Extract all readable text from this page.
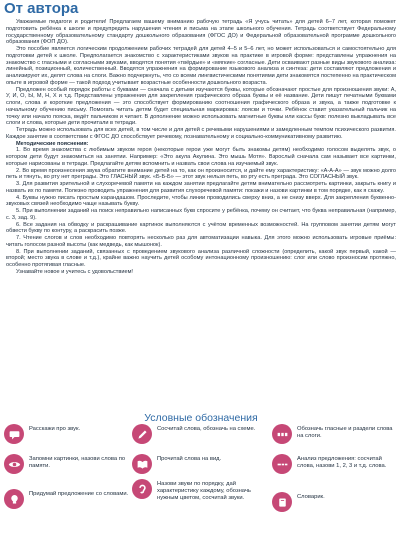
От автора

Уважаемые педагоги и родители! Предлагаем вашему вниманию рабочую тетрадь «Я учусь читать» для детей 6–7 лет, которая поможет подготовить ребёнка к школе и предупредить нарушения чтения и письма на этапе школьного обучения. Тетрадь соответствует Федеральному государственному образовательному стандарту дошкольного образования (ФГОС ДО) и Федеральной образовательной программе дошкольного образования (ФОП ДО).

Это пособие является логическим продолжением рабочих тетрадей для детей 4–5 и 5–6 лет, но может использоваться и самостоятельно для подготовки детей к школе. Предполагается знакомство с характеристиками звуков на практике в игровой форме: представлены упражнения на знакомство с гласными и согласными звуками, вводятся понятия «твёрдые» и «мягкие» согласные. Дети осваивают разные виды звукового анализа: линейный, позиционный, количественный. Вводятся упражнения на формирование языкового анализа и синтеза: дети составляют предложения и анализируют их, делят слова на слоги. Важно подчеркнуть, что со всеми лингвистическими понятиями дети знакомятся постепенно на практическом опыте в игровой форме — такой подход учитывает возрастные особенности дошкольного возраста.

Предложен особый порядок работы с буквами — сначала с детьми изучаются буквы, которые обозначают простые для произношения звуки: А, У, И, О, Ы, М, Н, Х и т.д. Представлены упражнения для закрепления графического образа буквы и её название. Дети пишут печатными буквами слоги, слова и короткие предложения — это способствует формированию соотношения графического образа и звука, а также подготовке к начальному обучению письму. Помогать читать детям будет специальная маркировка: лояски и точки. Ребёнок ставит указательный пальчик на точку или начало пояска, ведёт пальчиком и читает. В дополнение можно использовать магнитные буквы или кассы букв: полезно выкладывать все слоги и слова, которые дети прочитали в тетради.

Тетрадь можно использовать для всех детей, в том числе и для детей с речевыми нарушениями и замедленным темпом психического развития. Каждое занятие в соответствии с ФГОС ДО способствует речевому, познавательному и социально-коммуникативному развитию.

Методические пояснения:

1. Во время знакомства с любимым звуком героя (некоторые герои уже могут быть знакомы детям) необходимо голосом выделять звук, о котором дети будут знакомиться на занятии. Например: «Это акула Акулина. Это мышь Мотя». Взрослый сначала сам называет все картинки, которые нарисованы в тетради. Предлагайте детям вспомнить и назвать свои слова на изучаемый звук.

2. Во время произнесения звука обратите внимание детей на то, как он произносится, и дайте ему характеристику: «А-А-А» — звук можно долго петь и тянуть, во рту нет преграды. Это ГЛАСНЫЙ звук. «Б-Б-Б» — этот звук нельзя петь, во рту есть преграда. Это СОГЛАСНЫЙ звук.

3. Для развития зрительной и слухоречевой памяти на каждом занятии предлагайте детям внимательно рассмотреть картинки, закрыть книгу и назвать их по памяти. Полезно проводить упражнения для развития слухоречевой памяти: покажи и назови картинки в том порядке, как я скажу.

4. Буквы нужно писать простым карандашом. Проследите, чтобы линии проводились сверху вниз, а не снизу вверх. Для закрепления буквенно-звуковых связей необходимо чаще называть букву.

5. При выполнении заданий на поиск неправильно написанных букв спросите у ребёнка, почему он считает, что буква неправильная (например, с. 3, зад. 9).

6. Все задания на обводку и раскрашивание картинок выполняются с учётом временных возможностей. На групповом занятии детям могут обвести букву по контуру, а раскрасить позже.

7. Чтение слогов и слов необходимо повторять несколько раз для автоматизации навыка. Для этого можно использовать игровые приёмы: читать голосом разной высоты (как медведь, как мышонок).

8. При выполнении заданий, связанных с проведением звукового анализа различной сложности (определить, какой звук первый, какой — второй; место звука в слове и т.д.), крайне важно научить детей особому интонационному произношению: слог или слово произносим протяжно, особенно протягивая гласные.

Узнавайте новое и учитесь с удовольствием!

Условные обозначения
Расскажи про звук.
Запомни картинки, назови слова по памяти.
Придумай предложение со словами.
Сосчитай слова, обозначь на схеме.
Прочитай слова на вид.
Назови звуки по порядку, дай характеристику каждому, обозначь нужным цветом, сосчитай звуки.
Обозначь гласные и раздели слова на слоги.
Анализ предложения: сосчитай слова, назови 1, 2, 3 и т.д. слова.
Словарик.
